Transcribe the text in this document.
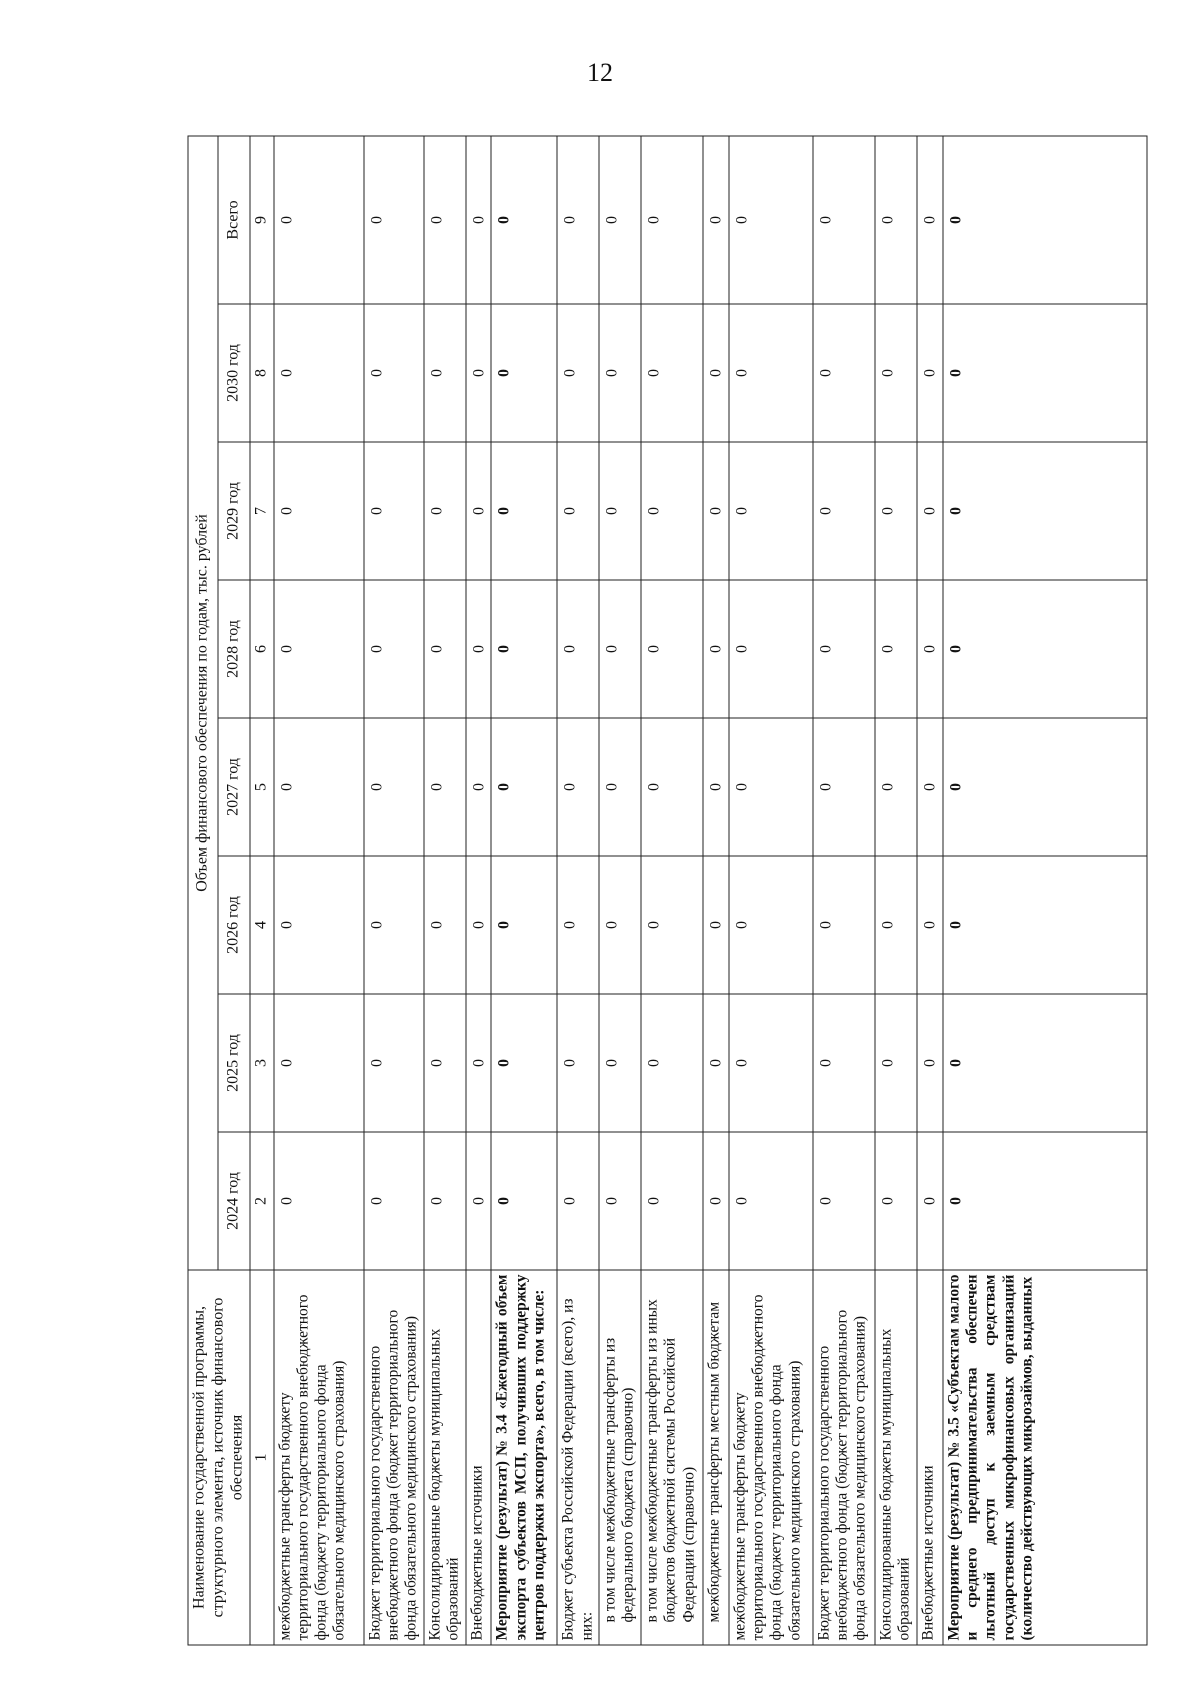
12
Наименование государственной программы, структурного элемента, источник финансового обеспечения	Объем финансового обеспечения по годам, тыс. рублей							
	2024 год	2025 год	2026 год	2027 год	2028 год	2029 год	2030 год	Всего
1	2	3	4	5	6	7	8	9
межбюджетные трансферты бюджету территориального государственного внебюджетного фонда (бюджету территориального фонда обязательного медицинского страхования)	0	0	0	0	0	0	0	0
Бюджет территориального государственного внебюджетного фонда (бюджет территориального фонда обязательного медицинского страхования)	0	0	0	0	0	0	0	0
Консолидированные бюджеты муниципальных образований	0	0	0	0	0	0	0	0
Внебюджетные источники	0	0	0	0	0	0	0	0
Мероприятие (результат) № 3.4 «Ежегодный объем экспорта субъектов МСП, получивших поддержку центров поддержки экспорта», всего, в том числе:	0	0	0	0	0	0	0	0
Бюджет субъекта Российской Федерации (всего), из них:	0	0	0	0	0	0	0	0
в том числе межбюджетные трансферты из федерального бюджета (справочно)	0	0	0	0	0	0	0	0
в том числе межбюджетные трансферты из иных бюджетов бюджетной системы Российской Федерации (справочно)	0	0	0	0	0	0	0	0
межбюджетные трансферты местным бюджетам	0	0	0	0	0	0	0	0
межбюджетные трансферты бюджету территориального государственного внебюджетного фонда (бюджету территориального фонда обязательного медицинского страхования)	0	0	0	0	0	0	0	0
Бюджет территориального государственного внебюджетного фонда (бюджет территориального фонда обязательного медицинского страхования)	0	0	0	0	0	0	0	0
Консолидированные бюджеты муниципальных образований	0	0	0	0	0	0	0	0
Внебюджетные источники	0	0	0	0	0	0	0	0
Мероприятие (результат) № 3.5 «Субъектам малого и среднего предпринимательства обеспечен льготный доступ к заемным средствам государственных микрофинансовых организаций (количество действующих микрозаймов, выданных	0	0	0	0	0	0	0	0
